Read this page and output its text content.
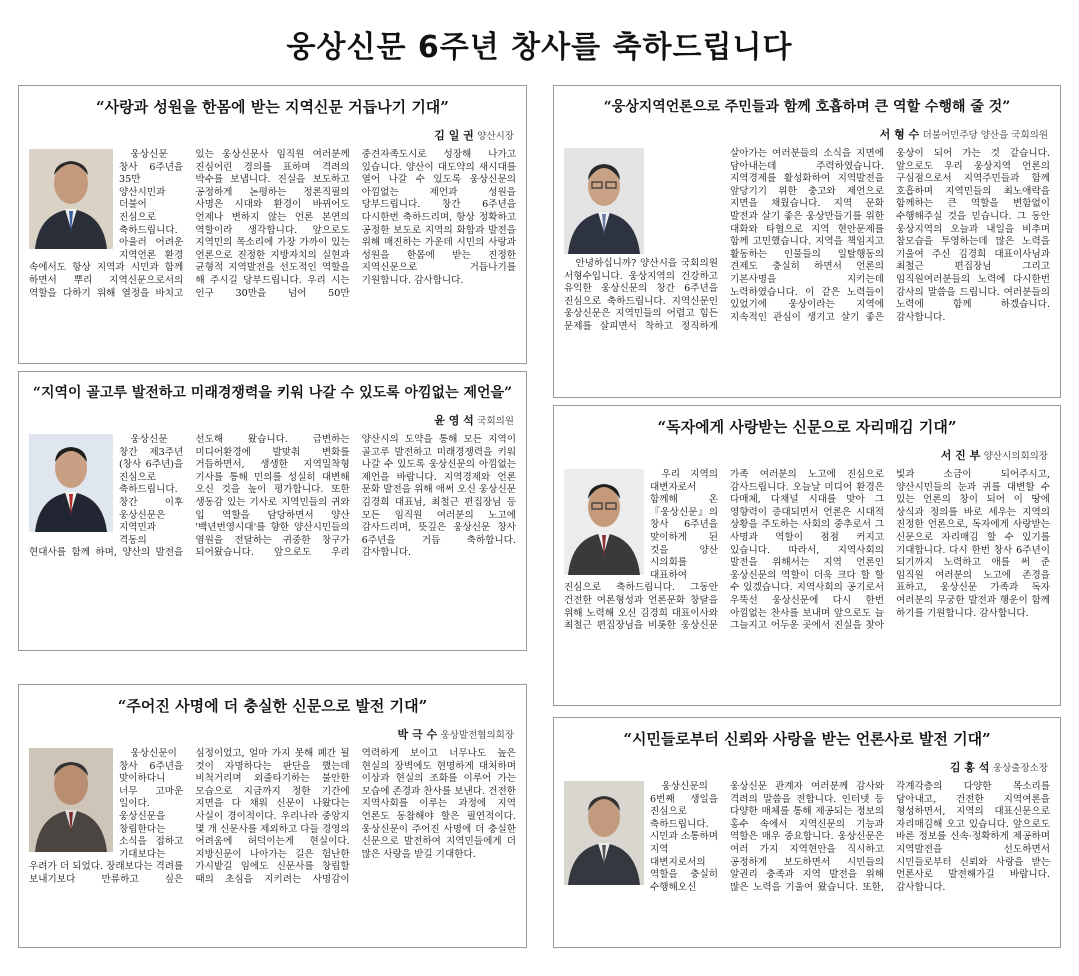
웅상신문 6주년 창사를 축하드립니다
“사랑과 성원을 한몸에 받는 지역신문 거듭나기 기대”
김 일 권 양산시장

웅상신문 창사 6주년을 35만 양산시민과 더불어 진심으로 축하드립니다. 아울러 어려운 지역언론 환경 속에서도 항상 지역과 시민과 함께 하면서 뿌리 지역신문으로서의 역할을 다하기 위해 열정을 바치고 있는 웅상신문사 임직원 여러분께 진심어린 경의를 표하며 격려의 박수를 보냅니다. 진실을 보도하고 공정하게 논평하는 정론직필의 사명은 시대와 환경이 바뀌어도 언제나 변하지 않는 언론 본연의 역할이라 생각합니다. 앞으로도 지역민의 목소리에 가장 가까이 있는 언론으로 진정한 지방자치의 실현과 균형적 지역발전을 선도적인 역할을 해 주시길 당부드립니다. 우리 시는 인구 30만을 넘어 50만 중견자족도시로 성장해 나가고 있습니다. 양산이 대도약의 새시대를 열어 나갈 수 있도록 웅상신문의 아낌없는 제언과 성원을 당부드립니다. 창간 6주년을 다시한번 축하드리며, 항상 정확하고 공정한 보도로 지역의 화합과 발전을 위해 매진하는 가운데 시민의 사랑과 성원을 한몸에 받는 진정한 지역신문으로 거듭나기를 기원합니다. 감사합니다.

“지역이 골고루 발전하고 미래경쟁력을 키워 나갈 수 있도록 아낌없는 제언을”
윤 영 석 국회의원

웅상신문 창간 제3주년(창사 6주년)을 진심으로 축하드립니다. 창간 이후 웅상신문은 지역민과 격동의 현대사를 함께 하며, 양산의 발전을 선도해 왔습니다. 급변하는 미디어환경에 발맞춰 변화를 거듭하면서, 생생한 지역밀착형 기사를 통해 민의를 성실히 대변해 오신 것을 높이 평가합니다. 또한 생동감 있는 기사로 지역민들의 귀와 입 역할을 담당하면서 양산 '백년번영시대'를 향한 양산시민들의 염원을 전달하는 귀중한 창구가 되어왔습니다. 앞으로도 우리 양산시의 도약을 통해 모든 지역이 골고루 발전하고 미래경쟁력을 키워 나갈 수 있도록 웅상신문의 아낌없는 제언을 바랍니다. 지역경제와 언론 문화 발전을 위해 애써 오신 웅상신문 김경희 대표님, 최철근 편집장님 등 모든 임직원 여러분의 노고에 감사드리며, 뜻깊은 웅상신문 창사 6주년을 거듭 축하합니다. 감사합니다.

“주어진 사명에 더 충실한 신문으로 발전 기대”
박 극 수 웅상발전협의회장

웅상신문이 창사 6주년을 맞이하다니 너무 고마운 일이다. 웅상신문을 창립한다는 소식을 접하고 기대보다는 우려가 더 되었다. 장래보다는 격려를 보내기보다 만류하고 싶은 심정이었고, 얼마 가지 못해 폐간 될 것이 자명하다는 판단을 했는데 비척거리며 외줄타기하는 불안한 모습으로 지금까지 정한 기간에 지면을 다 채워 신문이 나왔다는 사실이 경이적이다. 우리나라 중앙지 몇 개 신문사를 제외하고 다들 경영의 어려움에 허덕이는게 현실이다. 지방신문이 나아가는 길은 험난한 가시밭길 임에도 신문사를 창립할 때의 초심을 지키려는 사명감이 역력하게 보이고 너무나도 높은 현실의 장벽에도 현명하게 대처하며 이상과 현실의 조화를 이루어 가는 모습에 존경과 찬사를 보낸다. 건전한 지역사회를 이루는 과정에 지역 언론도 동참해야 할은 필연적이다. 웅상신문이 주어진 사명에 더 충실한 신문으로 발전하여 지역민들에게 더 많은 사랑을 받길 기대한다.

“웅상지역언론으로 주민들과 함께 호흡하며 큰 역할 수행해 줄 것”
서 형 수 더불어민주당 양산을 국회의원

안녕하십니까? 양산시을 국회의원 서형수입니다. 웅상지역의 건강하고 유익한 웅상신문의 창간 6주년을 진심으로 축하드립니다. 지역신문인 웅상신문은 지역민들의 어렵고 힘든 문제를 살피면서 착하고 정직하게 살아가는 여러분들의 소식을 지면에 담아내는데 주력하였습니다. 지역경제를 활성화하여 지역발전을 앞당기기 위한 충고와 제언으로 지면을 채웠습니다. 지역 문화 발전과 살기 좋은 웅상만들기를 위한 대화와 타협으로 지역 현안문제를 함께 고민했습니다. 지역을 책임지고 활동하는 인물들의 일탈행동의 견제도 충실히 하면서 언론의 기본사명을 지키는데 노력하였습니다. 이 같은 노력들이 있었기에 웅상이라는 지역에 지속적인 관심이 생기고 살기 좋은 웅상이 되어 가는 것 같습니다. 앞으로도 우리 웅상지역 언론의 구심점으로서 지역주민들과 함께 호흡하며 지역민들의 최노애락을 함께하는 큰 역할을 변함없이 수행해주실 것을 믿습니다. 그 동안 웅상지역의 오늘과 내일을 비추며 참모습을 투영하는데 많은 노력을 기울여 주신 김경희 대표이사님과 최철근 편집장님 그리고 임직원여러분들의 노력에 다시한번 감사의 말씀을 드립니다. 여러분들의 노력에 함께 하겠습니다. 감사합니다.

“독자에게 사랑받는 신문으로 자리매김 기대”
서 진 부 양산시의회의장

우리 지역의 대변자로서 함께해 온 『웅상신문』의 창사 6주년을 맞이하게 된 것을 양산 시의회를 대표하여 진심으로 축하드립니다. 그동안 건전한 여론형성과 언론문화 창달을 위해 노력해 오신 김경희 대표이사와 최철근 편집장님을 비롯한 웅상신문 가족 여러분의 노고에 진심으로 감사드립니다. 오늘날 미디어 환경은 다매체, 다채널 시대를 맞아 그 영향력이 증대되면서 언론은 시대적 상황을 주도하는 사회의 중추로서 그 사명과 역할이 점점 커지고 있습니다. 따라서, 지역사회의 발전을 위해서는 지역 언론인 웅상신문의 역할이 더욱 크다 할 할 수 있겠습니다. 지역사회의 공기로서 우뚝선 웅상신문에 다시 한번 아낌없는 찬사를 보내며 앞으로도 늘 그늘지고 어두운 곳에서 진실을 찾아 빛과 소금이 되어주시고, 양산시민들의 눈과 귀를 대변할 수 있는 언론의 창이 되어 이 땅에 상식과 정의를 바로 세우는 지역의 진정한 언론으로, 독자에게 사랑받는 신문으로 자리매김 할 수 있기를 기대합니다. 다시 한번 창사 6주년이 되기까지 노력하고 애를 써 준 임직원 여러분의 노고에 존경을 표하고, 웅상신문 가족과 독자 여러분의 무궁한 발전과 행운이 함께 하기를 기원합니다. 감사합니다.

“시민들로부터 신뢰와 사랑을 받는 언론사로 발전 기대”
김 홍 석 웅상출장소장

웅상신문의 6번째 생일을 진심으로 축하드립니다. 시민과 소통하며 지역 대변지로서의 역할을 충실히 수행해오신 웅상신문 관계자 여러분께 감사와 격려의 말씀을 전합니다. 인터넷 등 다양한 매체를 통해 제공되는 정보의 홍수 속에서 지역신문의 기능과 역할은 매우 중요합니다. 웅상신문은 여러 가지 지역현안을 직시하고 공정하게 보도하면서 시민들의 알권리 충족과 지역 발전을 위해 많은 노력을 기울여 왔습니다. 또한, 각계각층의 다양한 목소리를 담아내고, 건전한 지역여론을 형성하면서, 지역의 대표신문으로 자리매김해 오고 있습니다. 앞으로도 바른 정보를 신속·정확하게 제공하며 지역발전을 선도하면서 시민들로부터 신뢰와 사랑을 받는 언론사로 발전해가길 바랍니다. 감사합니다.
